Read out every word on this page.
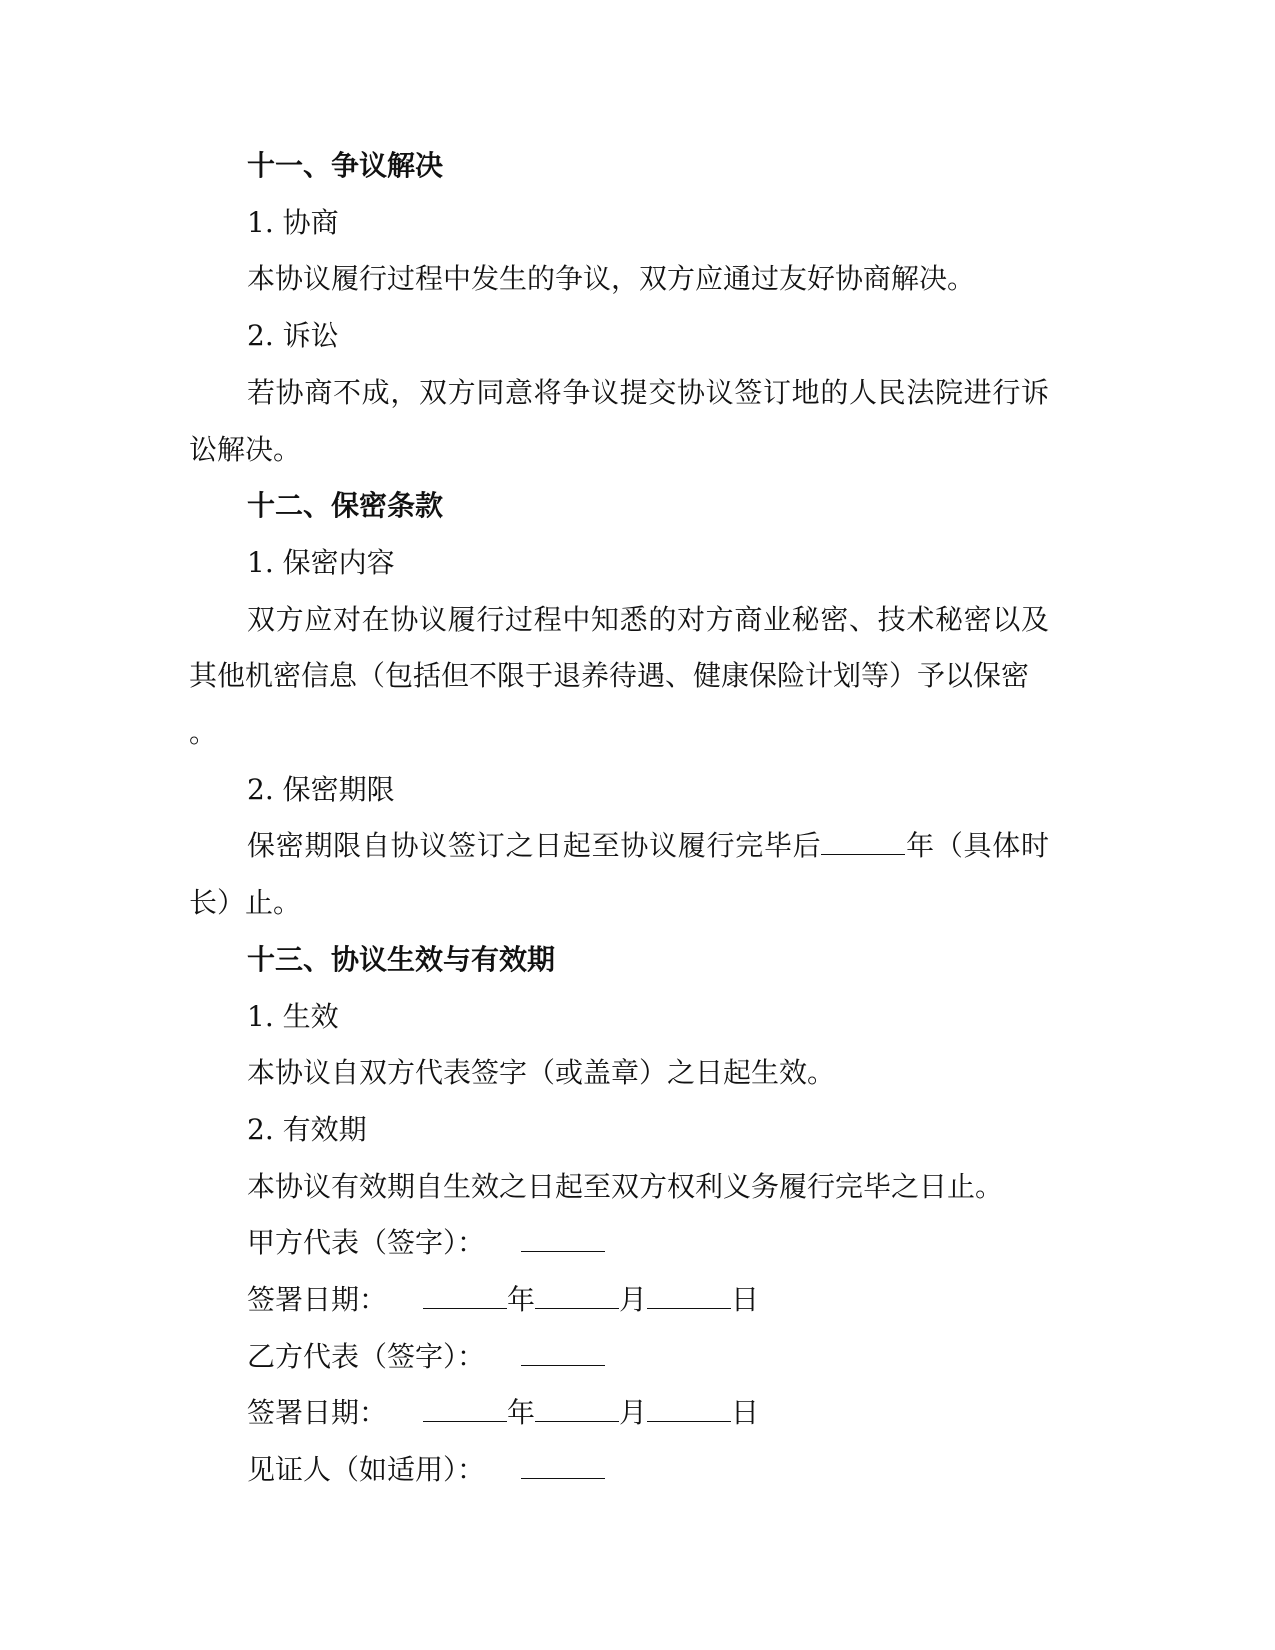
十一、争议解决

1. 协商

本协议履行过程中发生的争议，双方应通过友好协商解决。

2. 诉讼

若协商不成，双方同意将争议提交协议签订地的人民法院进行诉讼解决。

十二、保密条款

1. 保密内容

双方应对在协议履行过程中知悉的对方商业秘密、技术秘密以及其他机密信息（包括但不限于退养待遇、健康保险计划等）予以保密
。

2. 保密期限

保密期限自协议签订之日起至协议履行完毕后	年（具体时长）止。

十三、协议生效与有效期

1. 生效

本协议自双方代表签字（或盖章）之日起生效。

2. 有效期

本协议有效期自生效之日起至双方权利义务履行完毕之日止。

甲方代表（签字）：

签署日期：	年	月	日

乙方代表（签字）：

签署日期：	年	月	日

见证人（如适用）：
